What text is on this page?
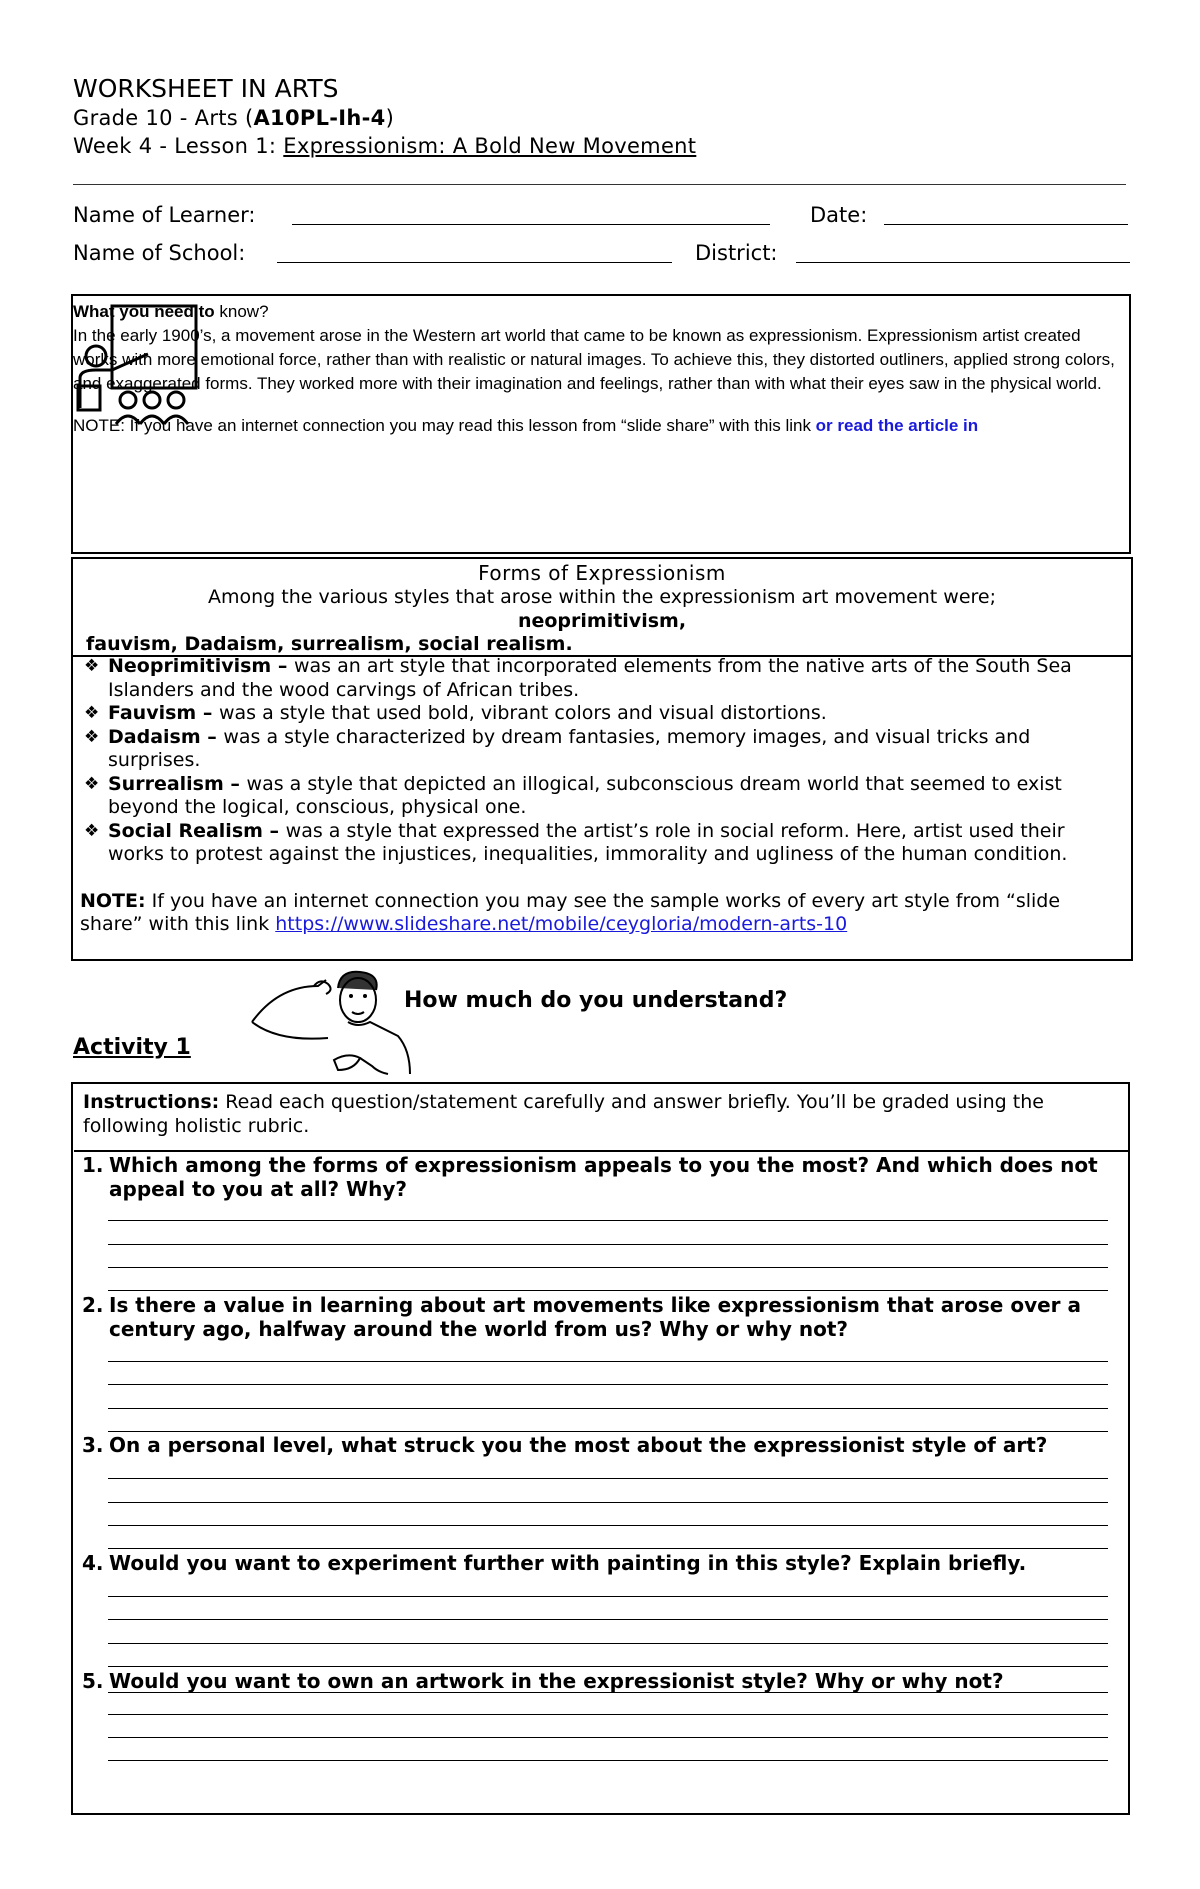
WORKSHEET IN ARTS
Grade 10 - Arts (A10PL-Ih-4)
Week 4 - Lesson 1: Expressionism: A Bold New Movement
Name of Learner:	Date:
Name of School:	District:
What you need to know?
In the early 1900’s, a movement arose in the Western art world that came to be known as expressionism. Expressionism artist created works with more emotional force, rather than with realistic or natural images. To achieve this, they distorted outliners, applied strong colors, and exaggerated forms. They worked more with their imagination and feelings, rather than with what their eyes saw in the physical world.
NOTE: If you have an internet connection you may read this lesson from “slide share” with this link or read the article in
Forms of Expressionism
Among the various styles that arose within the expressionism art movement were;
neoprimitivism,
fauvism, Dadaism, surrealism, social realism.
❖ Neoprimitivism – was an art style that incorporated elements from the native arts of the South Sea Islanders and the wood carvings of African tribes.
❖ Fauvism – was a style that used bold, vibrant colors and visual distortions.
❖ Dadaism – was a style characterized by dream fantasies, memory images, and visual tricks and surprises.
❖ Surrealism – was a style that depicted an illogical, subconscious dream world that seemed to exist beyond the logical, conscious, physical one.
❖ Social Realism – was a style that expressed the artist’s role in social reform. Here, artist used their works to protest against the injustices, inequalities, immorality and ugliness of the human condition.
NOTE: If you have an internet connection you may see the sample works of every art style from “slide share” with this link https://www.slideshare.net/mobile/ceygloria/modern-arts-10
How much do you understand?
Activity 1
Instructions: Read each question/statement carefully and answer briefly. You’ll be graded using the following holistic rubric.
1. Which among the forms of expressionism appeals to you the most? And which does not appeal to you at all? Why?
2. Is there a value in learning about art movements like expressionism that arose over a century ago, halfway around the world from us? Why or why not?
3. On a personal level, what struck you the most about the expressionist style of art?
4. Would you want to experiment further with painting in this style? Explain briefly.
5. Would you want to own an artwork in the expressionist style? Why or why not?
